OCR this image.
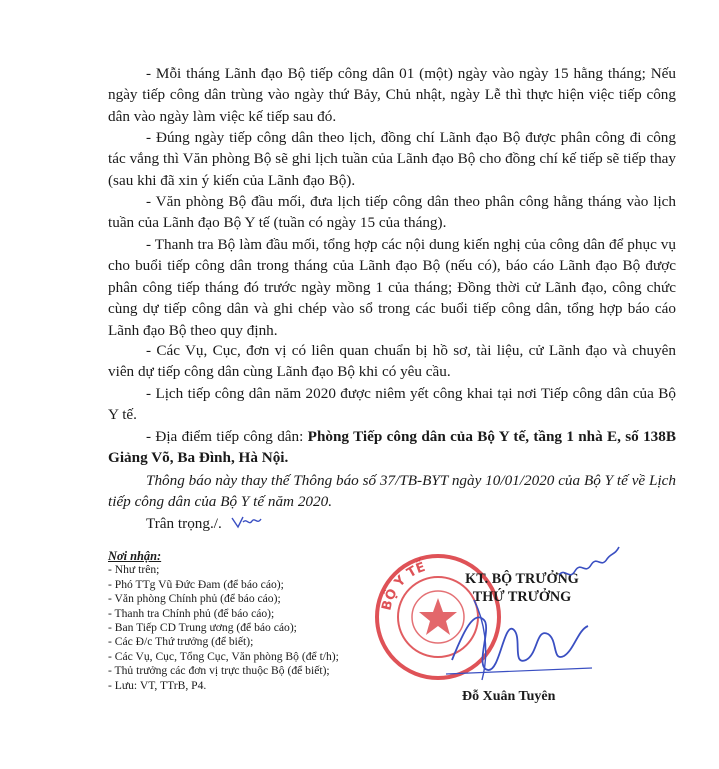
- Mỗi tháng Lãnh đạo Bộ tiếp công dân 01 (một) ngày vào ngày 15 hằng tháng; Nếu ngày tiếp công dân trùng vào ngày thứ Bảy, Chủ nhật, ngày Lễ thì thực hiện việc tiếp công dân vào ngày làm việc kế tiếp sau đó.

- Đúng ngày tiếp công dân theo lịch, đồng chí Lãnh đạo Bộ được phân công đi công tác vắng thì Văn phòng Bộ sẽ ghi lịch tuần của Lãnh đạo Bộ cho đồng chí kế tiếp sẽ tiếp thay (sau khi đã xin ý kiến của Lãnh đạo Bộ).

- Văn phòng Bộ đầu mối, đưa lịch tiếp công dân theo phân công hằng tháng vào lịch tuần của Lãnh đạo Bộ Y tế (tuần có ngày 15 của tháng).

- Thanh tra Bộ làm đầu mối, tổng hợp các nội dung kiến nghị của công dân để phục vụ cho buổi tiếp công dân trong tháng của Lãnh đạo Bộ (nếu có), báo cáo Lãnh đạo Bộ được phân công tiếp tháng đó trước ngày mồng 1 của tháng; Đồng thời cử Lãnh đạo, công chức cùng dự tiếp công dân và ghi chép vào sổ trong các buổi tiếp công dân, tổng hợp báo cáo Lãnh đạo Bộ theo quy định.

- Các Vụ, Cục, đơn vị có liên quan chuẩn bị hồ sơ, tài liệu, cử Lãnh đạo và chuyên viên dự tiếp công dân cùng Lãnh đạo Bộ khi có yêu cầu.

- Lịch tiếp công dân năm 2020 được niêm yết công khai tại nơi Tiếp công dân của Bộ Y tế.

- Địa điểm tiếp công dân: Phòng Tiếp công dân của Bộ Y tế, tầng 1 nhà E, số 138B Giảng Võ, Ba Đình, Hà Nội.

Thông báo này thay thế Thông báo số 37/TB-BYT ngày 10/01/2020 của Bộ Y tế về Lịch tiếp công dân của Bộ Y tế năm 2020.

Trân trọng./.

Nơi nhận:
- Như trên;
- Phó TTg Vũ Đức Đam (để báo cáo);
- Văn phòng Chính phủ (để báo cáo);
- Thanh tra Chính phủ (để báo cáo);
- Ban Tiếp CD Trung ương (để báo cáo);
- Các Đ/c Thứ trưởng (để biết);
- Các Vụ, Cục, Tổng Cục, Văn phòng Bộ (để t/h);
- Thủ trưởng các đơn vị trực thuộc Bộ (để biết);
- Lưu: VT, TTrB, P4.
BỘ Y TẾ
KT. BỘ TRƯỞNG
THỨ TRƯỞNG
Đỗ Xuân Tuyên
